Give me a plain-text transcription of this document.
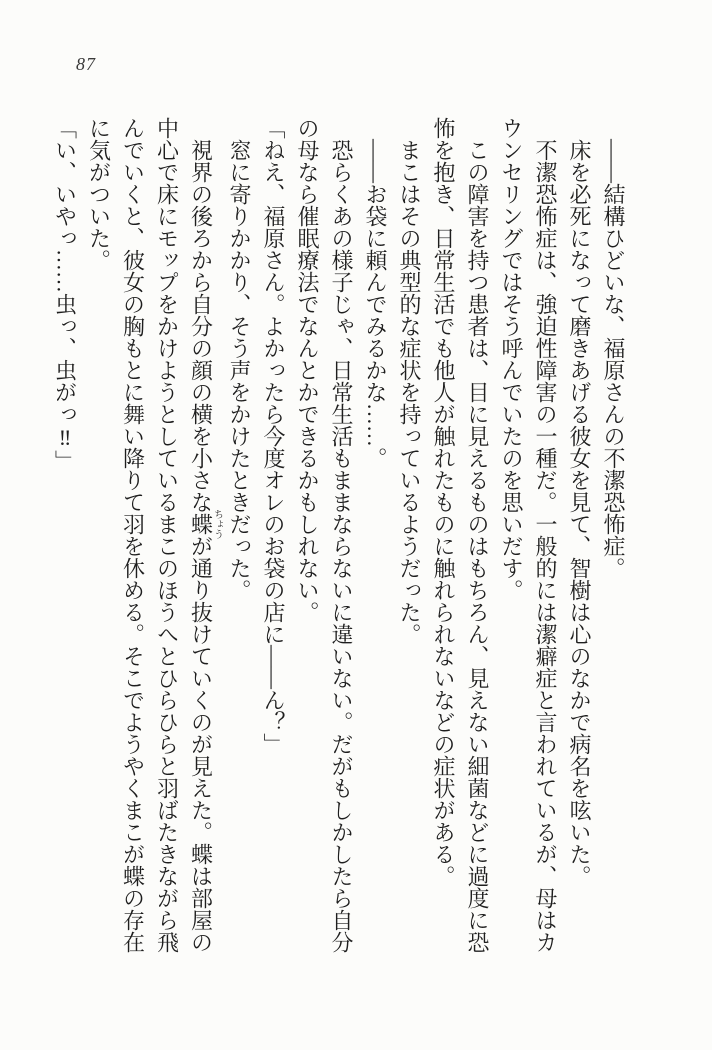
87

——結構ひどいな、福原さんの不潔恐怖症。

床を必死になって磨きあげる彼女を見て、智樹は心のなかで病名を呟いた。

不潔恐怖症は、強迫性障害の一種だ。一般的には潔癖症と言われているが、母はカウンセリングではそう呼んでいたのを思いだす。

この障害を持つ患者は、目に見えるものはもちろん、見えない細菌などに過度に恐怖を抱き、日常生活でも他人が触れたものに触れられないなどの症状がある。

まこはその典型的な症状を持っているようだった。

——お袋に頼んでみるかな……。

恐らくあの様子じゃ、日常生活もままならないに違いない。だがもしかしたら自分の母なら催眠療法でなんとかできるかもしれない。

「ねえ、福原さん。よかったら今度オレのお袋の店に——ん？」

窓に寄りかかり、そう声をかけたときだった。

視界の後ろから自分の顔の横を小さな蝶ちょうが通り抜けていくのが見えた。蝶は部屋の中心で床にモップをかけようとしているまこのほうへとひらひらと羽ばたきながら飛んでいくと、彼女の胸もとに舞い降りて羽を休める。そこでようやくまこが蝶の存在に気がついた。

「い、いやっ……虫っ、虫がっ‼」
